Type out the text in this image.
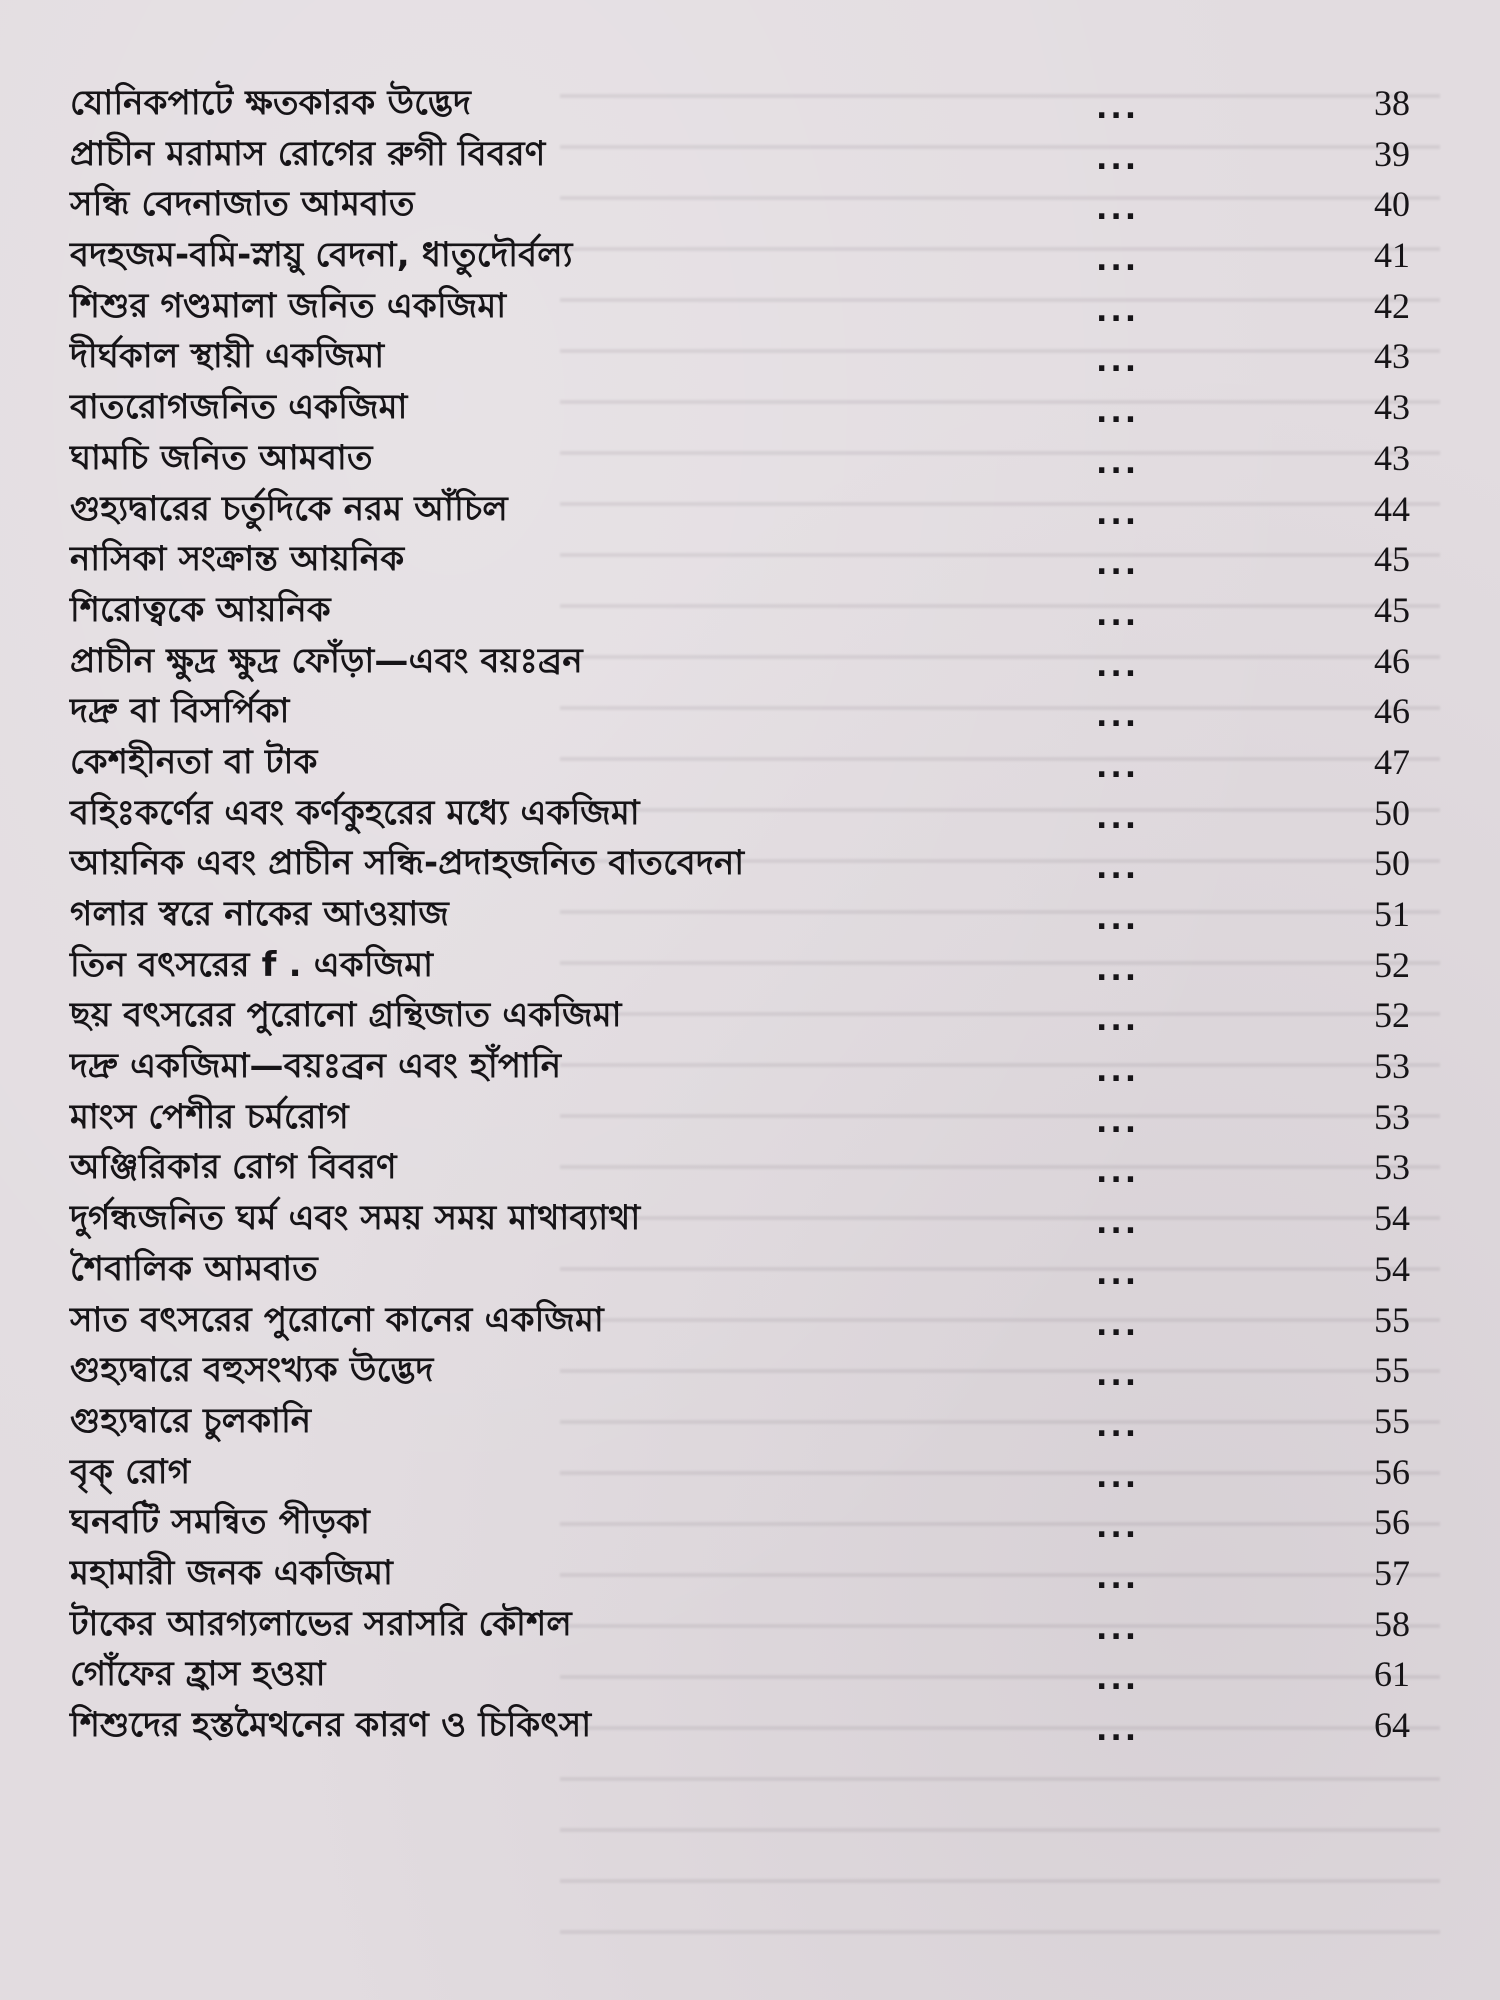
যোনিকপাটে ক্ষতকারক উদ্ভেদ	...	38
প্রাচীন মরামাস রোগের রুগী বিবরণ	...	39
সন্ধি বেদনাজাত আমবাত	...	40
বদহজম-বমি-স্নায়ু বেদনা, ধাতুদৌর্বল্য	...	41
শিশুর গণ্ডমালা জনিত একজিমা	...	42
দীর্ঘকাল স্থায়ী একজিমা	...	43
বাতরোগজনিত একজিমা	...	43
ঘামচি জনিত আমবাত	...	43
গুহ্যদ্বারের চর্তুদিকে নরম আঁচিল	...	44
নাসিকা সংক্রান্ত আয়নিক	...	45
শিরোত্বকে আয়নিক	...	45
প্রাচীন ক্ষুদ্র ক্ষুদ্র ফোঁড়া—এবং বয়ঃব্রন	...	46
দদ্রু বা বিসর্পিকা	...	46
কেশহীনতা বা টাক	...	47
বহিঃকর্ণের এবং কর্ণকুহরের মধ্যে একজিমা	...	50
আয়নিক এবং প্রাচীন সন্ধি-প্রদাহজনিত বাতবেদনা	...	50
গলার স্বরে নাকের আওয়াজ	...	51
তিন বৎসরের f . একজিমা	...	52
ছয় বৎসরের পুরোনো গ্রন্থিজাত একজিমা	...	52
দদ্রু একজিমা—বয়ঃব্রন এবং হাঁপানি	...	53
মাংস পেশীর চর্মরোগ	...	53
অঞ্জিরিকার রোগ বিবরণ	...	53
দুর্গন্ধজনিত ঘর্ম এবং সময় সময় মাথাব্যাথা	...	54
শৈবালিক আমবাত	...	54
সাত বৎসরের পুরোনো কানের একজিমা	...	55
গুহ্যদ্বারে বহুসংখ্যক উদ্ভেদ	...	55
গুহ্যদ্বারে চুলকানি	...	55
বৃক্ রোগ	...	56
ঘনবটি সমন্বিত পীড়কা	...	56
মহামারী জনক একজিমা	...	57
টাকের আরগ্যলাভের সরাসরি কৌশল	...	58
গোঁফের হ্রাস হওয়া	...	61
শিশুদের হস্তমৈথনের কারণ ও চিকিৎসা	...	64
